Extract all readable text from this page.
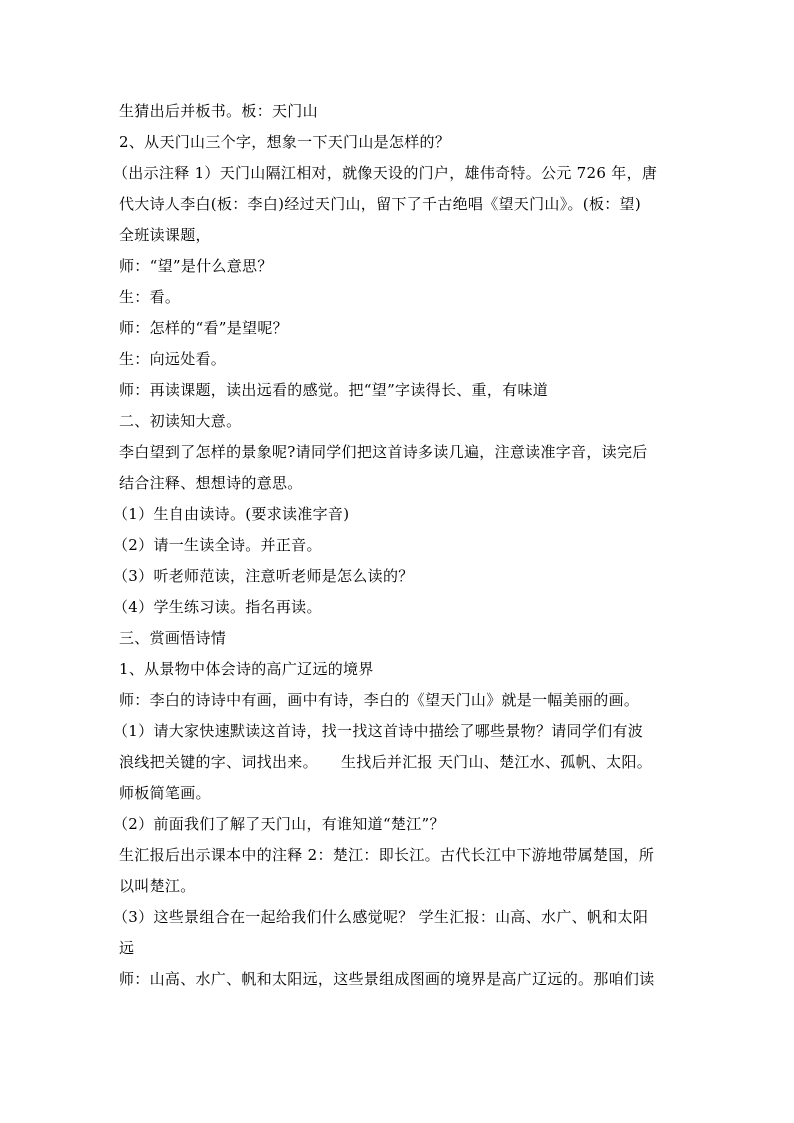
生猜出后并板书。板：天门山
2、从天门山三个字，想象一下天门山是怎样的？
（出示注释 1）天门山隔江相对，就像天设的门户，雄伟奇特。公元 726 年，唐
代大诗人李白(板：李白)经过天门山，留下了千古绝唱《望天门山》。(板：望)
全班读课题，
师：“望”是什么意思？
生：看。
师：怎样的“看”是望呢？
生：向远处看。
师：再读课题，读出远看的感觉。把“望”字读得长、重，有味道
二、初读知大意。
李白望到了怎样的景象呢?请同学们把这首诗多读几遍，注意读准字音，读完后
结合注释、想想诗的意思。
（1）生自由读诗。(要求读准字音)
（2）请一生读全诗。并正音。
（3）听老师范读，注意听老师是怎么读的？
（4）学生练习读。指名再读。
三、赏画悟诗情
1、从景物中体会诗的高广辽远的境界
师：李白的诗诗中有画，画中有诗，李白的《望天门山》就是一幅美丽的画。
（1）请大家快速默读这首诗，找一找这首诗中描绘了哪些景物？请同学们有波
浪线把关键的字、词找出来。　　生找后并汇报 天门山、楚江水、孤帆、太阳。
师板简笔画。
（2）前面我们了解了天门山，有谁知道“楚江”？
生汇报后出示课本中的注释 2：楚江：即长江。古代长江中下游地带属楚国，所
以叫楚江。
（3）这些景组合在一起给我们什么感觉呢？ 学生汇报：山高、水广、帆和太阳
远
师：山高、水广、帆和太阳远，这些景组成图画的境界是高广辽远的。那咱们读
